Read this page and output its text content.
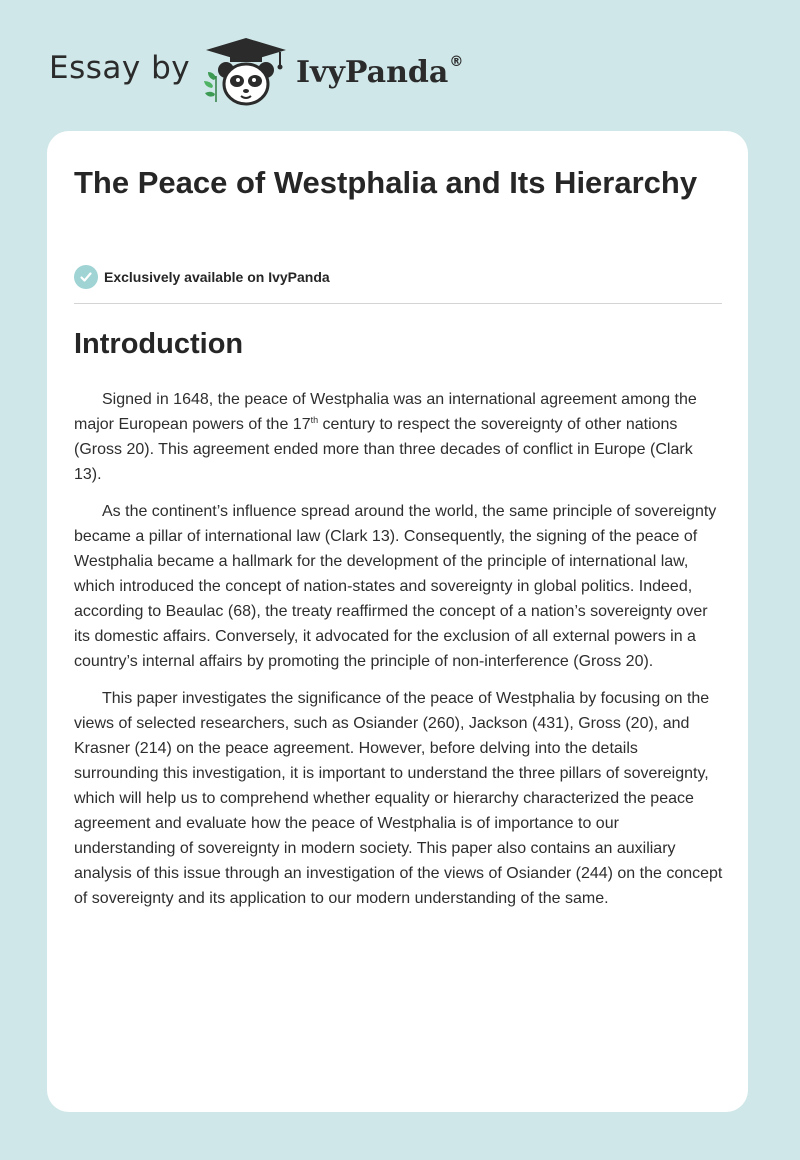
Essay by	IvyPanda®
The Peace of Westphalia and Its Hierarchy
Exclusively available on IvyPanda
Introduction

Signed in 1648, the peace of Westphalia was an international agreement among the major European powers of the 17th century to respect the sovereignty of other nations (Gross 20). This agreement ended more than three decades of conflict in Europe (Clark 13).

As the continent’s influence spread around the world, the same principle of sovereignty became a pillar of international law (Clark 13). Consequently, the signing of the peace of Westphalia became a hallmark for the development of the principle of international law, which introduced the concept of nation-states and sovereignty in global politics. Indeed, according to Beaulac (68), the treaty reaffirmed the concept of a nation’s sovereignty over its domestic affairs. Conversely, it advocated for the exclusion of all external powers in a country’s internal affairs by promoting the principle of non-interference (Gross 20).

This paper investigates the significance of the peace of Westphalia by focusing on the views of selected researchers, such as Osiander (260), Jackson (431), Gross (20), and Krasner (214) on the peace agreement. However, before delving into the details surrounding this investigation, it is important to understand the three pillars of sovereignty, which will help us to comprehend whether equality or hierarchy characterized the peace agreement and evaluate how the peace of Westphalia is of importance to our understanding of sovereignty in modern society. This paper also contains an auxiliary analysis of this issue through an investigation of the views of Osiander (244) on the concept of sovereignty and its application to our modern understanding of the same.
